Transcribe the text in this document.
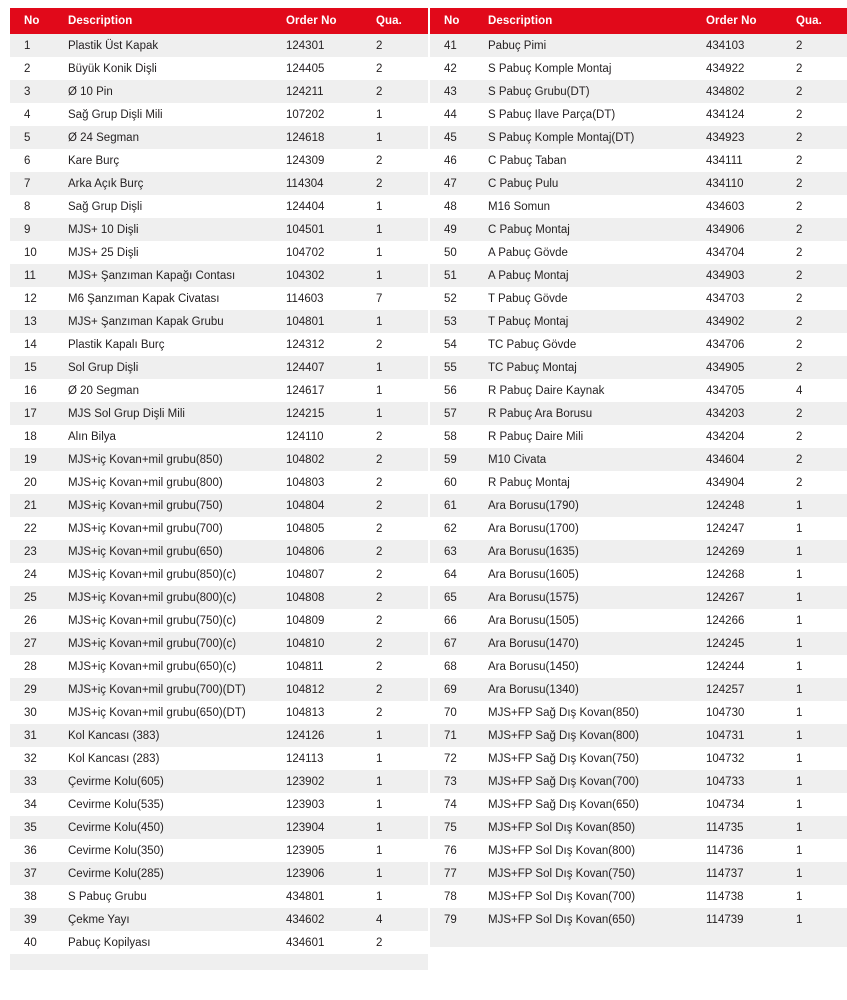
No	Description	Order No	Qua.
1	Plastik Üst Kapak	124301	2
2	Büyük Konik Dişli	124405	2
3	Ø 10 Pin	124211	2
4	Sağ Grup Dişli Mili	107202	1
5	Ø 24 Segman	124618	1
6	Kare Burç	124309	2
7	Arka Açık Burç	114304	2
8	Sağ Grup Dişli	124404	1
9	MJS+ 10 Dişli	104501	1
10	MJS+ 25 Dişli	104702	1
11	MJS+ Şanzıman Kapağı Contası	104302	1
12	M6 Şanzıman Kapak Civatası	114603	7
13	MJS+ Şanzıman Kapak Grubu	104801	1
14	Plastik Kapalı Burç	124312	2
15	Sol Grup Dişli	124407	1
16	Ø 20 Segman	124617	1
17	MJS Sol Grup Dişli Mili	124215	1
18	Alın Bilya	124110	2
19	MJS+iç Kovan+mil grubu(850)	104802	2
20	MJS+iç Kovan+mil grubu(800)	104803	2
21	MJS+iç Kovan+mil grubu(750)	104804	2
22	MJS+iç Kovan+mil grubu(700)	104805	2
23	MJS+iç Kovan+mil grubu(650)	104806	2
24	MJS+iç Kovan+mil grubu(850)(c)	104807	2
25	MJS+iç Kovan+mil grubu(800)(c)	104808	2
26	MJS+iç Kovan+mil grubu(750)(c)	104809	2
27	MJS+iç Kovan+mil grubu(700)(c)	104810	2
28	MJS+iç Kovan+mil grubu(650)(c)	104811	2
29	MJS+iç Kovan+mil grubu(700)(DT)	104812	2
30	MJS+iç Kovan+mil grubu(650)(DT)	104813	2
31	Kol Kancası (383)	124126	1
32	Kol Kancası (283)	124113	1
33	Çevirme Kolu(605)	123902	1
34	Cevirme Kolu(535)	123903	1
35	Cevirme Kolu(450)	123904	1
36	Cevirme Kolu(350)	123905	1
37	Cevirme Kolu(285)	123906	1
38	S Pabuç Grubu	434801	1
39	Çekme Yayı	434602	4
40	Pabuç Kopilyası	434601	2

No	Description	Order No	Qua.
41	Pabuç Pimi	434103	2
42	S Pabuç Komple Montaj	434922	2
43	S Pabuç Grubu(DT)	434802	2
44	S Pabuç Ilave Parça(DT)	434124	2
45	S Pabuç Komple Montaj(DT)	434923	2
46	C Pabuç Taban	434111	2
47	C Pabuç Pulu	434110	2
48	M16 Somun	434603	2
49	C Pabuç Montaj	434906	2
50	A Pabuç Gövde	434704	2
51	A Pabuç Montaj	434903	2
52	T Pabuç Gövde	434703	2
53	T Pabuç Montaj	434902	2
54	TC Pabuç Gövde	434706	2
55	TC Pabuç Montaj	434905	2
56	R Pabuç Daire Kaynak	434705	4
57	R Pabuç Ara Borusu	434203	2
58	R Pabuç Daire Mili	434204	2
59	M10 Civata	434604	2
60	R Pabuç Montaj	434904	2
61	Ara Borusu(1790)	124248	1
62	Ara Borusu(1700)	124247	1
63	Ara Borusu(1635)	124269	1
64	Ara Borusu(1605)	124268	1
65	Ara Borusu(1575)	124267	1
66	Ara Borusu(1505)	124266	1
67	Ara Borusu(1470)	124245	1
68	Ara Borusu(1450)	124244	1
69	Ara Borusu(1340)	124257	1
70	MJS+FP Sağ Dış Kovan(850)	104730	1
71	MJS+FP Sağ Dış Kovan(800)	104731	1
72	MJS+FP Sağ Dış Kovan(750)	104732	1
73	MJS+FP Sağ Dış Kovan(700)	104733	1
74	MJS+FP Sağ Dış Kovan(650)	104734	1
75	MJS+FP Sol Dış Kovan(850)	114735	1
76	MJS+FP Sol Dış Kovan(800)	114736	1
77	MJS+FP Sol Dış Kovan(750)	114737	1
78	MJS+FP Sol Dış Kovan(700)	114738	1
79	MJS+FP Sol Dış Kovan(650)	114739	1
